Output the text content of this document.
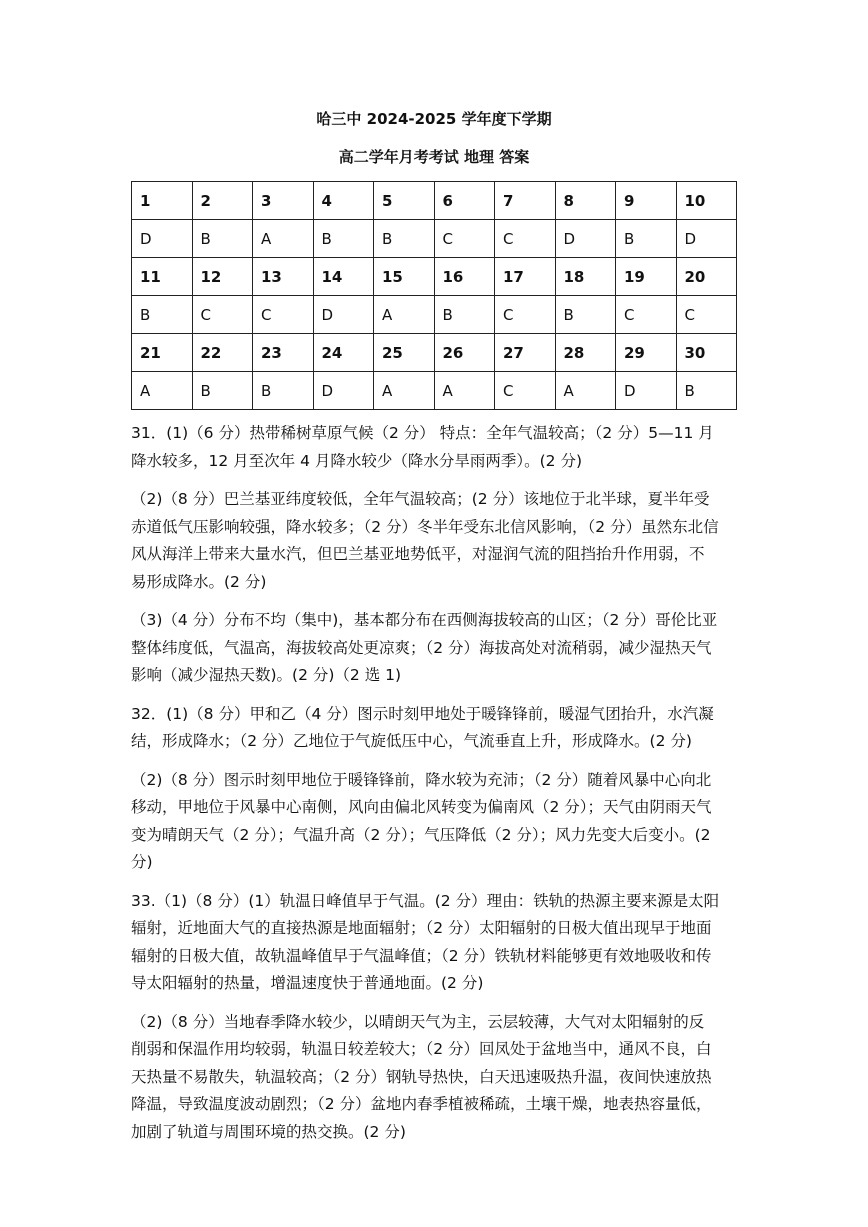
哈三中 2024-2025 学年度下学期
高二学年月考考试 地理 答案
1	2	3	4	5	6	7	8	9	10
D	B	A	B	B	C	C	D	B	D
11	12	13	14	15	16	17	18	19	20
B	C	C	D	A	B	C	B	C	C
21	22	23	24	25	26	27	28	29	30
A	B	B	D	A	A	C	A	D	B

31．(1)（6 分）热带稀树草原气候（2 分） 特点：全年气温较高；（2 分）5—11 月

降水较多，12 月至次年 4 月降水较少（降水分旱雨两季）。(2 分)

（2)（8 分）巴兰基亚纬度较低，全年气温较高；(2 分）该地位于北半球，夏半年受

赤道低气压影响较强，降水较多；（2 分）冬半年受东北信风影响，（2 分）虽然东北信

风从海洋上带来大量水汽，但巴兰基亚地势低平，对湿润气流的阻挡抬升作用弱，不

易形成降水。(2 分)

（3)（4 分）分布不均（集中)，基本都分布在西侧海拔较高的山区；（2 分）哥伦比亚

整体纬度低，气温高，海拔较高处更凉爽；（2 分）海拔高处对流稍弱，减少湿热天气

影响（减少湿热天数)。(2 分)（2 选 1)

32．(1)（8 分）甲和乙（4 分）图示时刻甲地处于暖锋锋前，暖湿气团抬升，水汽凝

结，形成降水；（2 分）乙地位于气旋低压中心，气流垂直上升，形成降水。(2 分)

（2)（8 分）图示时刻甲地位于暖锋锋前，降水较为充沛；（2 分）随着风暴中心向北

移动，甲地位于风暴中心南侧，风向由偏北风转变为偏南风（2 分）；天气由阴雨天气

变为晴朗天气（2 分）；气温升高（2 分）；气压降低（2 分）；风力先变大后变小。(2

分)

33.（1)（8 分）(1）轨温日峰值早于气温。(2 分）理由：铁轨的热源主要来源是太阳

辐射，近地面大气的直接热源是地面辐射；（2 分）太阳辐射的日极大值出现早于地面

辐射的日极大值，故轨温峰值早于气温峰值；（2 分）铁轨材料能够更有效地吸收和传

导太阳辐射的热量，增温速度快于普通地面。(2 分)

（2)（8 分）当地春季降水较少，以晴朗天气为主，云层较薄，大气对太阳辐射的反

削弱和保温作用均较弱，轨温日较差较大；（2 分）回凤处于盆地当中，通风不良，白

天热量不易散失，轨温较高；（2 分）钢轨导热快，白天迅速吸热升温，夜间快速放热

降温，导致温度波动剧烈；（2 分）盆地内春季植被稀疏，土壤干燥，地表热容量低，

加剧了轨道与周围环境的热交换。(2 分)
